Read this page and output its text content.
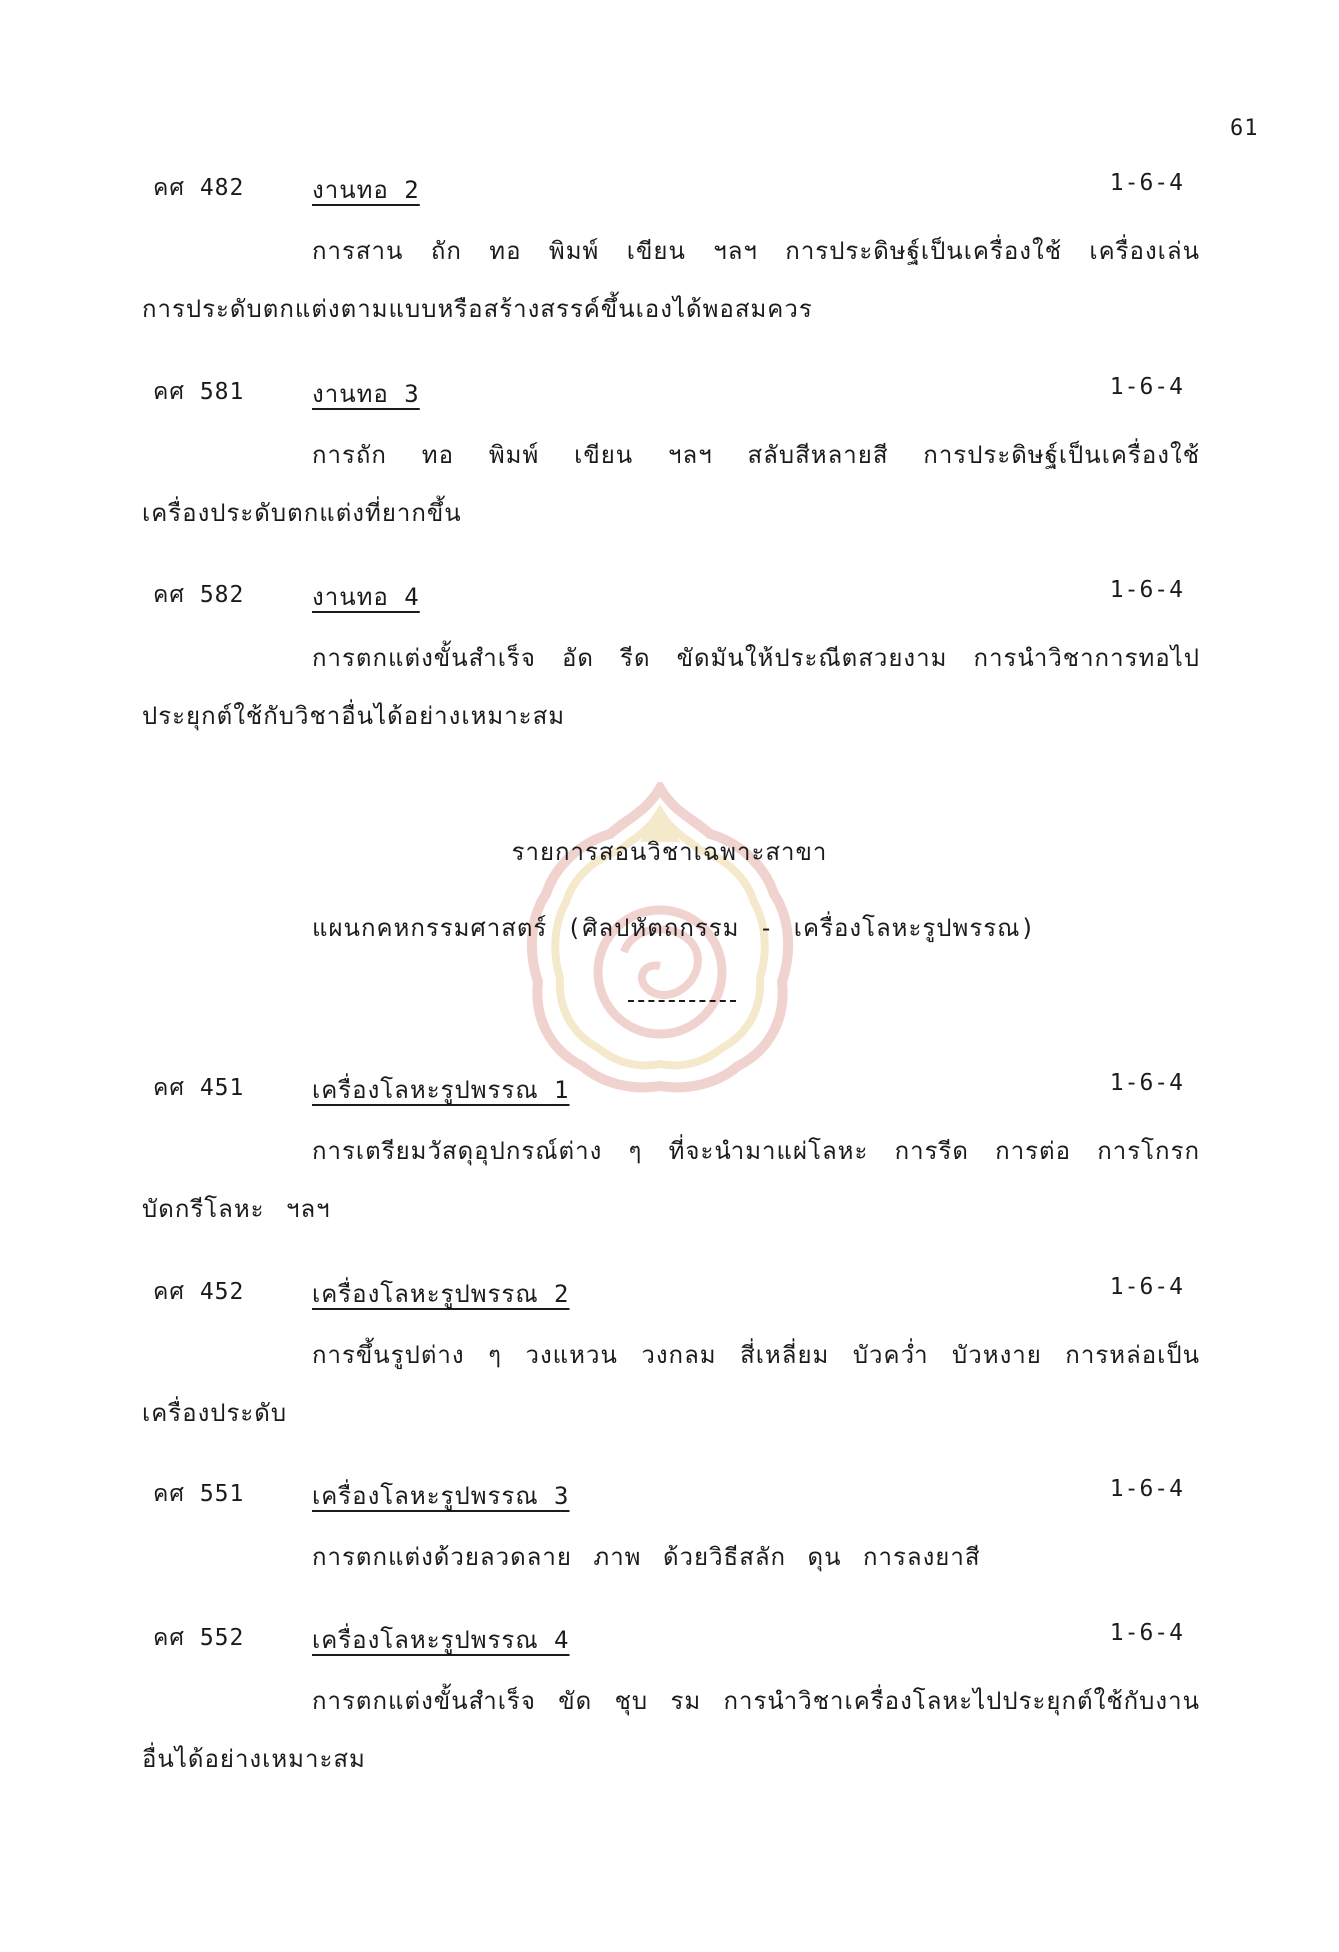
61
คศ 482	งานทอ 2	1-6-4
การสาน ถัก ทอ พิมพ์ เขียน ฯลฯ การประดิษฐ์เป็นเครื่องใช้ เครื่องเล่น การประดับตกแต่งตามแบบหรือสร้างสรรค์ขึ้นเองได้พอสมควร
คศ 581	งานทอ 3	1-6-4
การถัก ทอ พิมพ์ เขียน ฯลฯ สลับสีหลายสี การประดิษฐ์เป็นเครื่องใช้ เครื่องประดับตกแต่งที่ยากขึ้น
คศ 582	งานทอ 4	1-6-4
การตกแต่งขั้นสำเร็จ อัด รีด ขัดมันให้ประณีตสวยงาม การนำวิชาการทอไปประยุกต์ใช้กับวิชาอื่นได้อย่างเหมาะสม
รายการสอนวิชาเฉพาะสาขา
แผนกคหกรรมศาสตร์ (ศิลปหัตถกรรม - เครื่องโลหะรูปพรรณ)
คศ 451	เครื่องโลหะรูปพรรณ 1	1-6-4
การเตรียมวัสดุอุปกรณ์ต่าง ๆ ที่จะนำมาแผ่โลหะ การรีด การต่อ การโกรก บัดกรีโลหะ ฯลฯ
คศ 452	เครื่องโลหะรูปพรรณ 2	1-6-4
การขึ้นรูปต่าง ๆ วงแหวน วงกลม สี่เหลี่ยม บัวคว่ำ บัวหงาย การหล่อเป็นเครื่องประดับ
คศ 551	เครื่องโลหะรูปพรรณ 3	1-6-4
การตกแต่งด้วยลวดลาย ภาพ ด้วยวิธีสลัก ดุน การลงยาสี
คศ 552	เครื่องโลหะรูปพรรณ 4	1-6-4
การตกแต่งขั้นสำเร็จ ขัด ชุบ รม การนำวิชาเครื่องโลหะไปประยุกต์ใช้กับงานอื่นได้อย่างเหมาะสม
